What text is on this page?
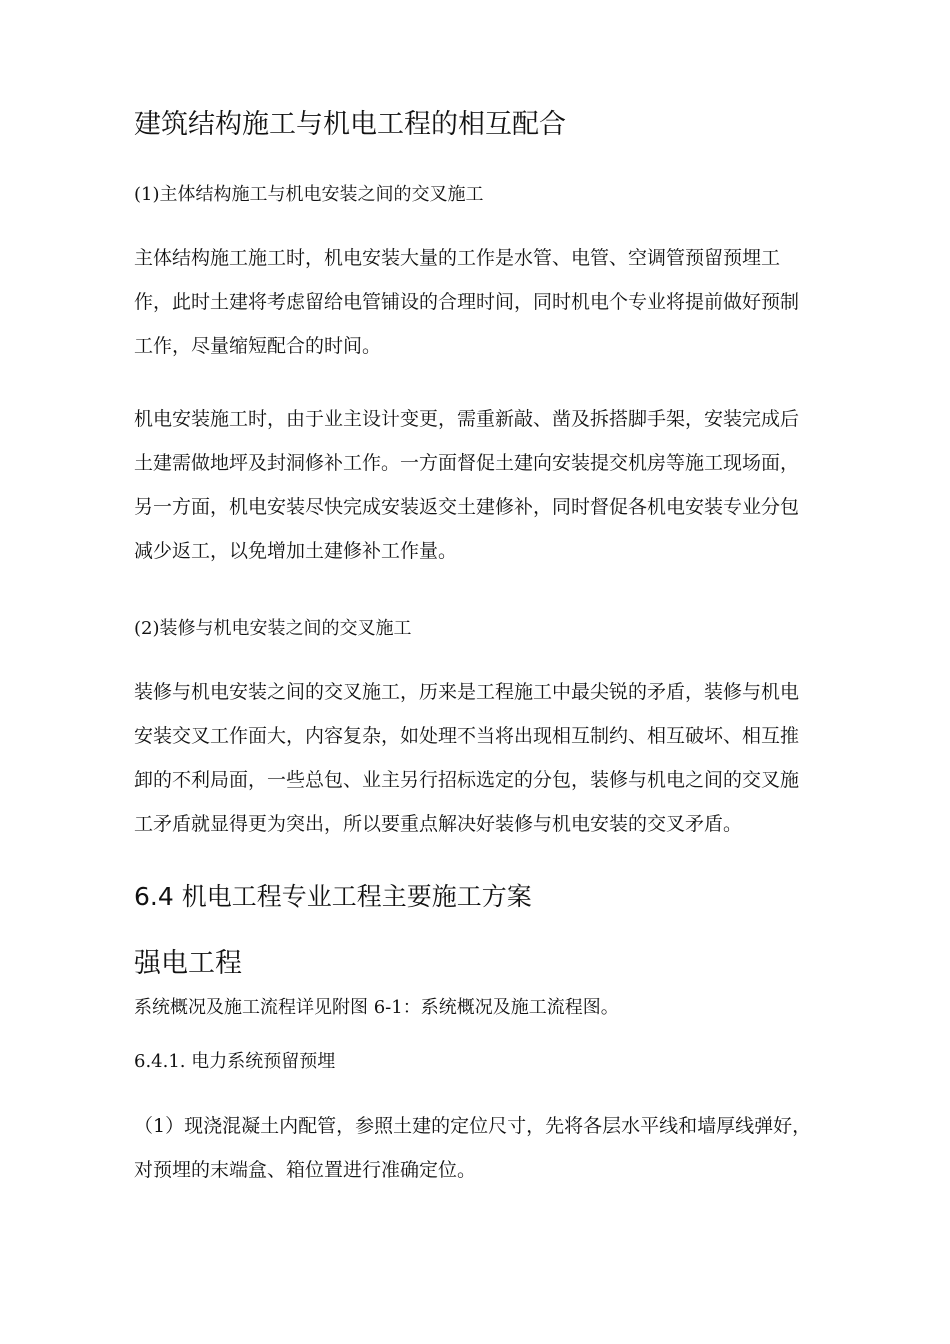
建筑结构施工与机电工程的相互配合

(1)主体结构施工与机电安装之间的交叉施工

主体结构施工施工时，机电安装大量的工作是水管、电管、空调管预留预埋工
作，此时土建将考虑留给电管铺设的合理时间，同时机电个专业将提前做好预制
工作，尽量缩短配合的时间。
机电安装施工时，由于业主设计变更，需重新敲、凿及拆搭脚手架，安装完成后
土建需做地坪及封洞修补工作。一方面督促土建向安装提交机房等施工现场面，
另一方面，机电安装尽快完成安装返交土建修补，同时督促各机电安装专业分包
减少返工，以免增加土建修补工作量。

(2)装修与机电安装之间的交叉施工

装修与机电安装之间的交叉施工，历来是工程施工中最尖锐的矛盾，装修与机电
安装交叉工作面大，内容复杂，如处理不当将出现相互制约、相互破坏、相互推
卸的不利局面，一些总包、业主另行招标选定的分包，装修与机电之间的交叉施
工矛盾就显得更为突出，所以要重点解决好装修与机电安装的交叉矛盾。
6.4 机电工程专业工程主要施工方案
强电工程

系统概况及施工流程详见附图 6-1：系统概况及施工流程图。

6.4.1. 电力系统预留预埋

（1）现浇混凝土内配管，参照土建的定位尺寸，先将各层水平线和墙厚线弹好，
对预埋的末端盒、箱位置进行准确定位。
